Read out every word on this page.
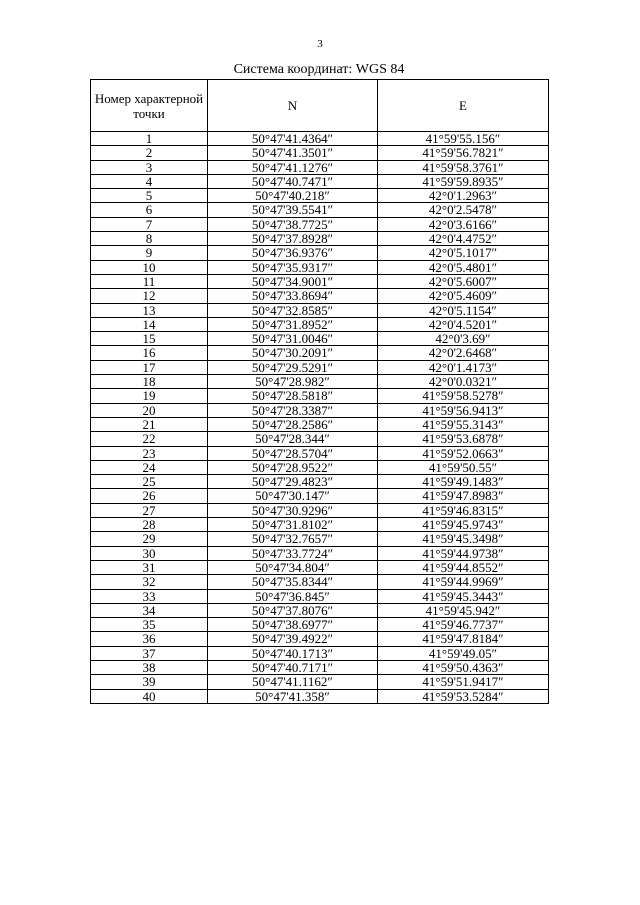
3
Система координат: WGS 84
Номер характерной точки	N	E
1	50°47'41.4364″	41°59'55.156″
2	50°47'41.3501″	41°59'56.7821″
3	50°47'41.1276″	41°59'58.3761″
4	50°47'40.7471″	41°59'59.8935″
5	50°47'40.218″	42°0'1.2963″
6	50°47'39.5541″	42°0'2.5478″
7	50°47'38.7725″	42°0'3.6166″
8	50°47'37.8928″	42°0'4.4752″
9	50°47'36.9376″	42°0'5.1017″
10	50°47'35.9317″	42°0'5.4801″
11	50°47'34.9001″	42°0'5.6007″
12	50°47'33.8694″	42°0'5.4609″
13	50°47'32.8585″	42°0'5.1154″
14	50°47'31.8952″	42°0'4.5201″
15	50°47'31.0046″	42°0'3.69″
16	50°47'30.2091″	42°0'2.6468″
17	50°47'29.5291″	42°0'1.4173″
18	50°47'28.982″	42°0'0.0321″
19	50°47'28.5818″	41°59'58.5278″
20	50°47'28.3387″	41°59'56.9413″
21	50°47'28.2586″	41°59'55.3143″
22	50°47'28.344″	41°59'53.6878″
23	50°47'28.5704″	41°59'52.0663″
24	50°47'28.9522″	41°59'50.55″
25	50°47'29.4823″	41°59'49.1483″
26	50°47'30.147″	41°59'47.8983″
27	50°47'30.9296″	41°59'46.8315″
28	50°47'31.8102″	41°59'45.9743″
29	50°47'32.7657″	41°59'45.3498″
30	50°47'33.7724″	41°59'44.9738″
31	50°47'34.804″	41°59'44.8552″
32	50°47'35.8344″	41°59'44.9969″
33	50°47'36.845″	41°59'45.3443″
34	50°47'37.8076″	41°59'45.942″
35	50°47'38.6977″	41°59'46.7737″
36	50°47'39.4922″	41°59'47.8184″
37	50°47'40.1713″	41°59'49.05″
38	50°47'40.7171″	41°59'50.4363″
39	50°47'41.1162″	41°59'51.9417″
40	50°47'41.358″	41°59'53.5284″
